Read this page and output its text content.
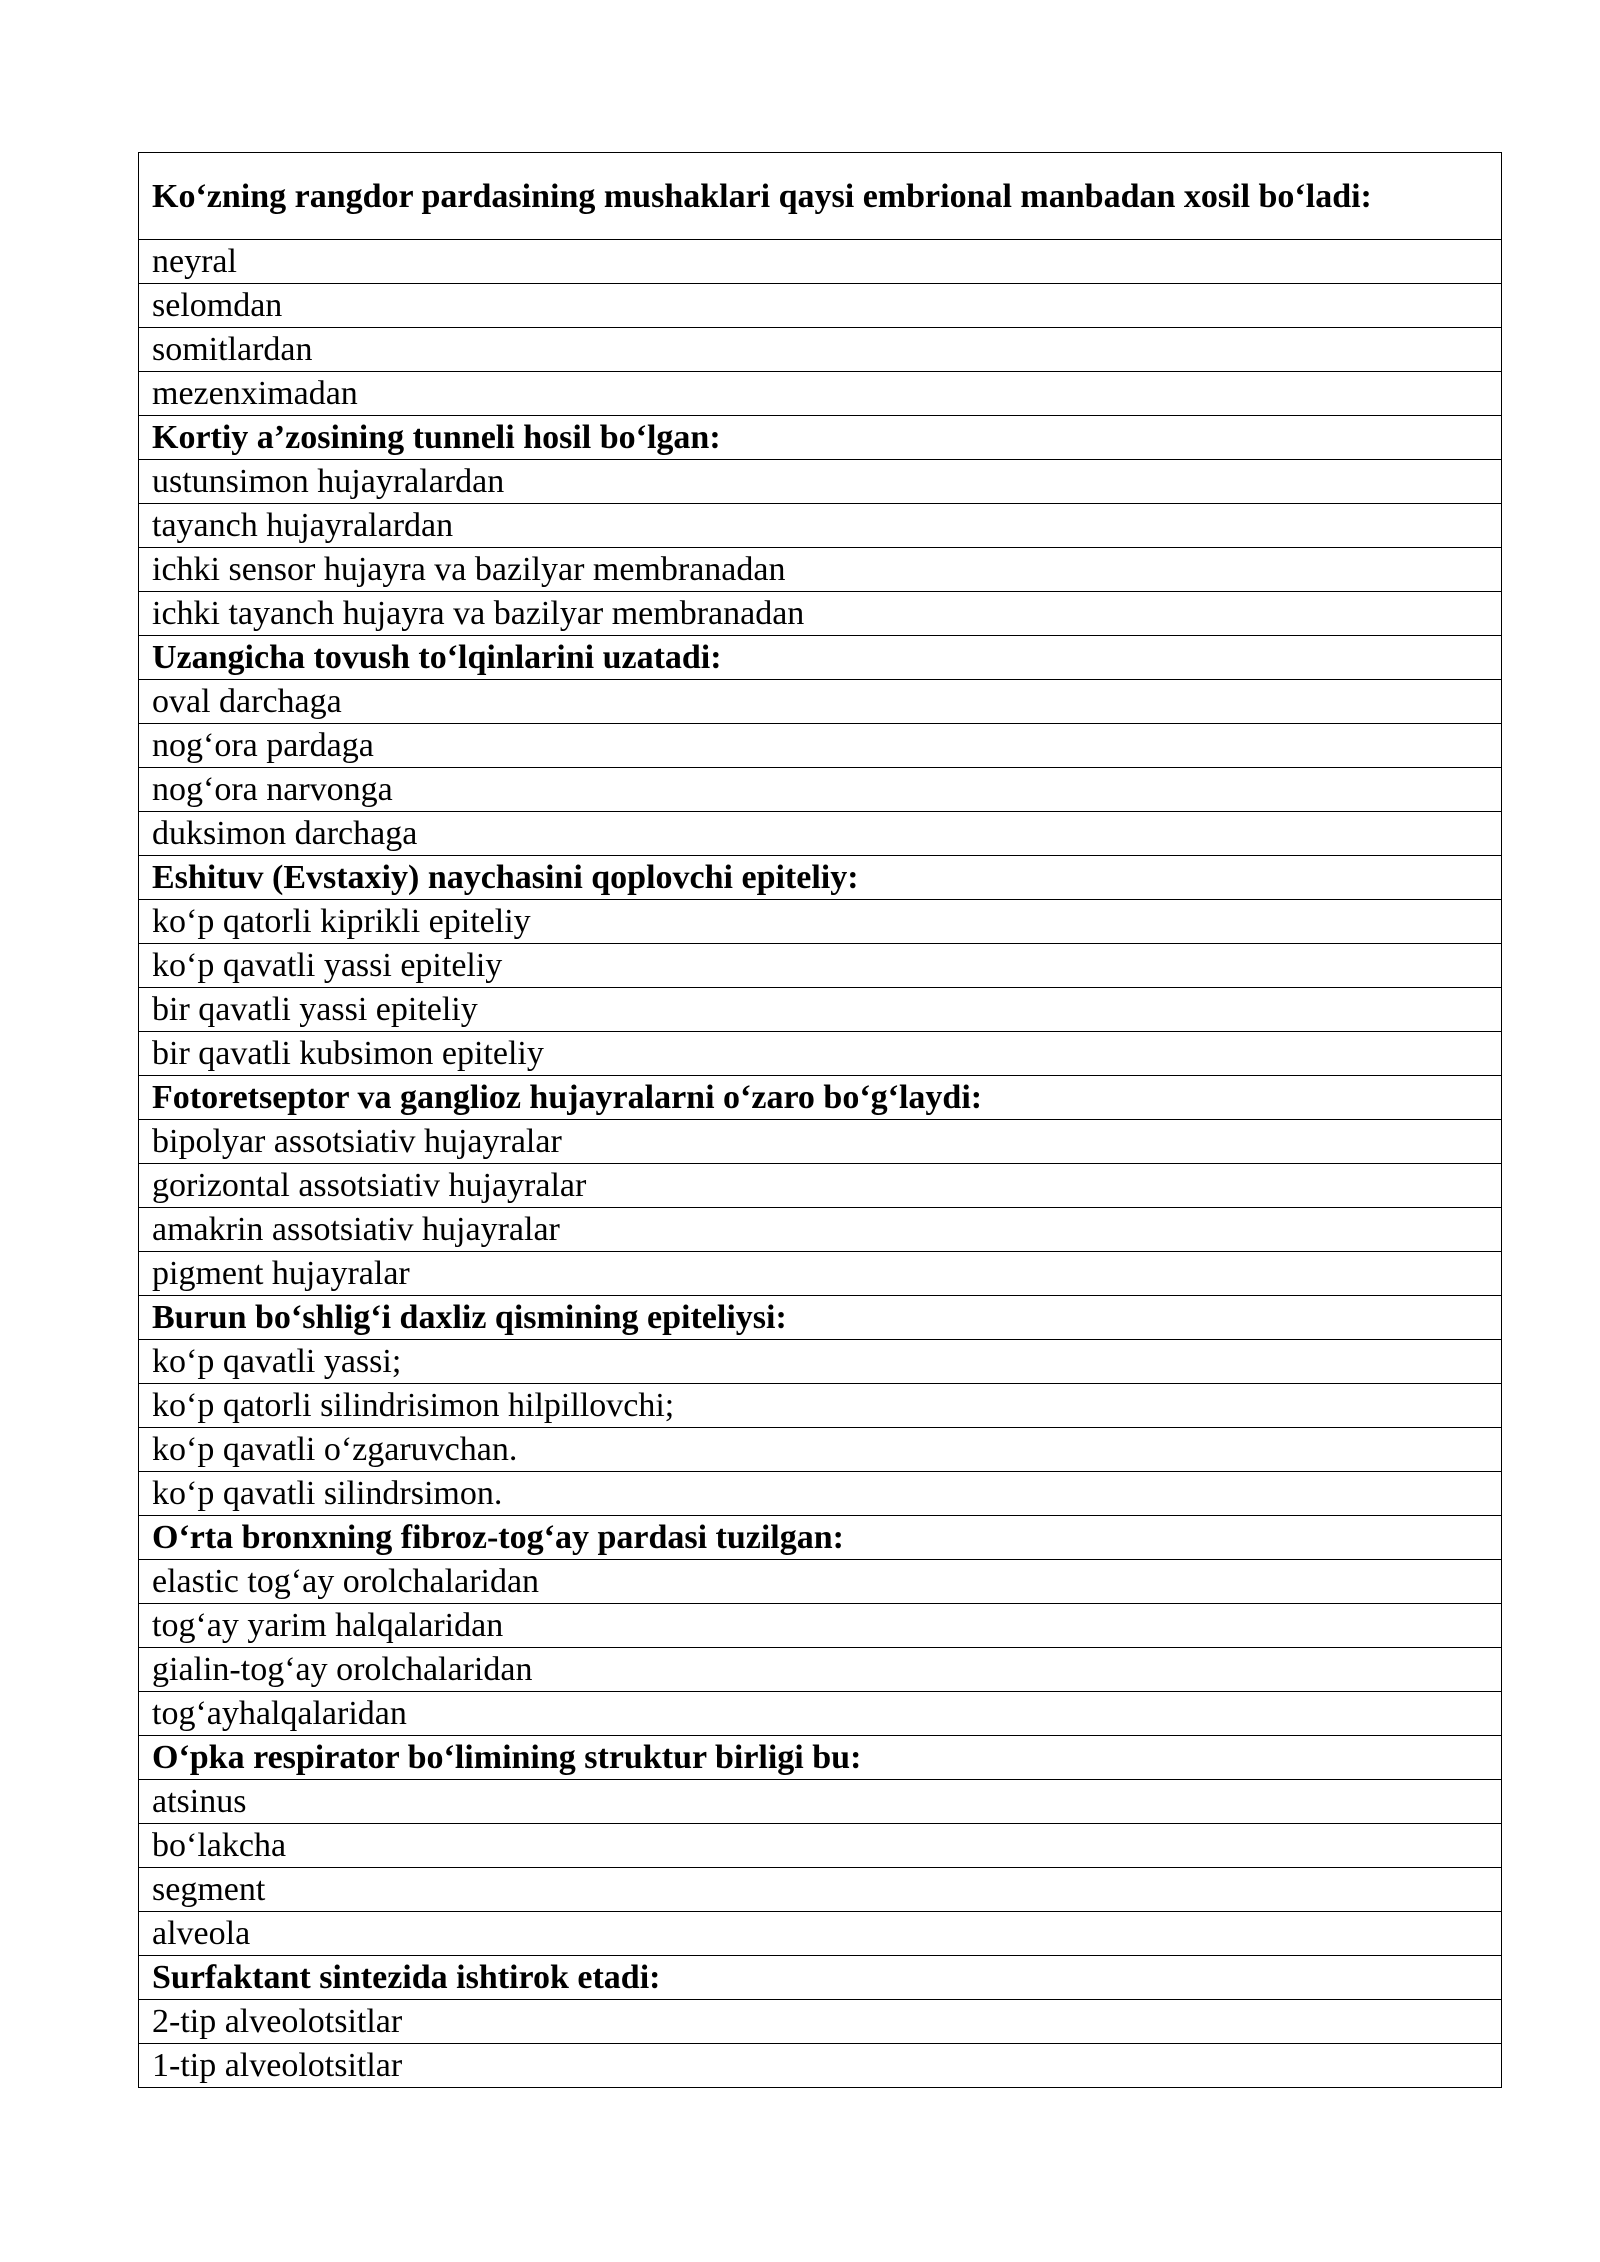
Ko‘zning rangdor pardasining mushaklari qaysi embrional manbadan xosil bo‘ladi:
neyral
selomdan
somitlardan
mezenximadan
Kortiy a’zosining tunneli hosil bo‘lgan:
ustunsimon hujayralardan
tayanch hujayralardan
ichki sensor hujayra va bazilyar membranadan
ichki tayanch hujayra va bazilyar membranadan
Uzangicha tovush to‘lqinlarini uzatadi:
oval darchaga
nog‘ora pardaga
nog‘ora narvonga
duksimon darchaga
Eshituv (Evstaxiy) naychasini qoplovchi epiteliy:
ko‘p qatorli kiprikli epiteliy
ko‘p qavatli yassi epiteliy
bir qavatli yassi epiteliy
bir qavatli kubsimon epiteliy
Fotoretseptor va ganglioz hujayralarni o‘zaro bo‘g‘laydi:
bipolyar assotsiativ hujayralar
gorizontal assotsiativ hujayralar
amakrin assotsiativ hujayralar
pigment hujayralar
Burun bo‘shlig‘i daxliz qismining epiteliysi:
ko‘p qavatli yassi;
ko‘p qatorli silindrisimon hilpillovchi;
ko‘p qavatli o‘zgaruvchan.
ko‘p qavatli silindrsimon.
O‘rta bronxning fibroz-tog‘ay pardasi tuzilgan:
elastic tog‘ay orolchalaridan
tog‘ay yarim halqalaridan
gialin-tog‘ay orolchalaridan
tog‘ayhalqalaridan
O‘pka respirator bo‘limining struktur birligi bu:
atsinus
bo‘lakcha
segment
alveola
Surfaktant sintezida ishtirok etadi:
2-tip alveolotsitlar
1-tip alveolotsitlar
